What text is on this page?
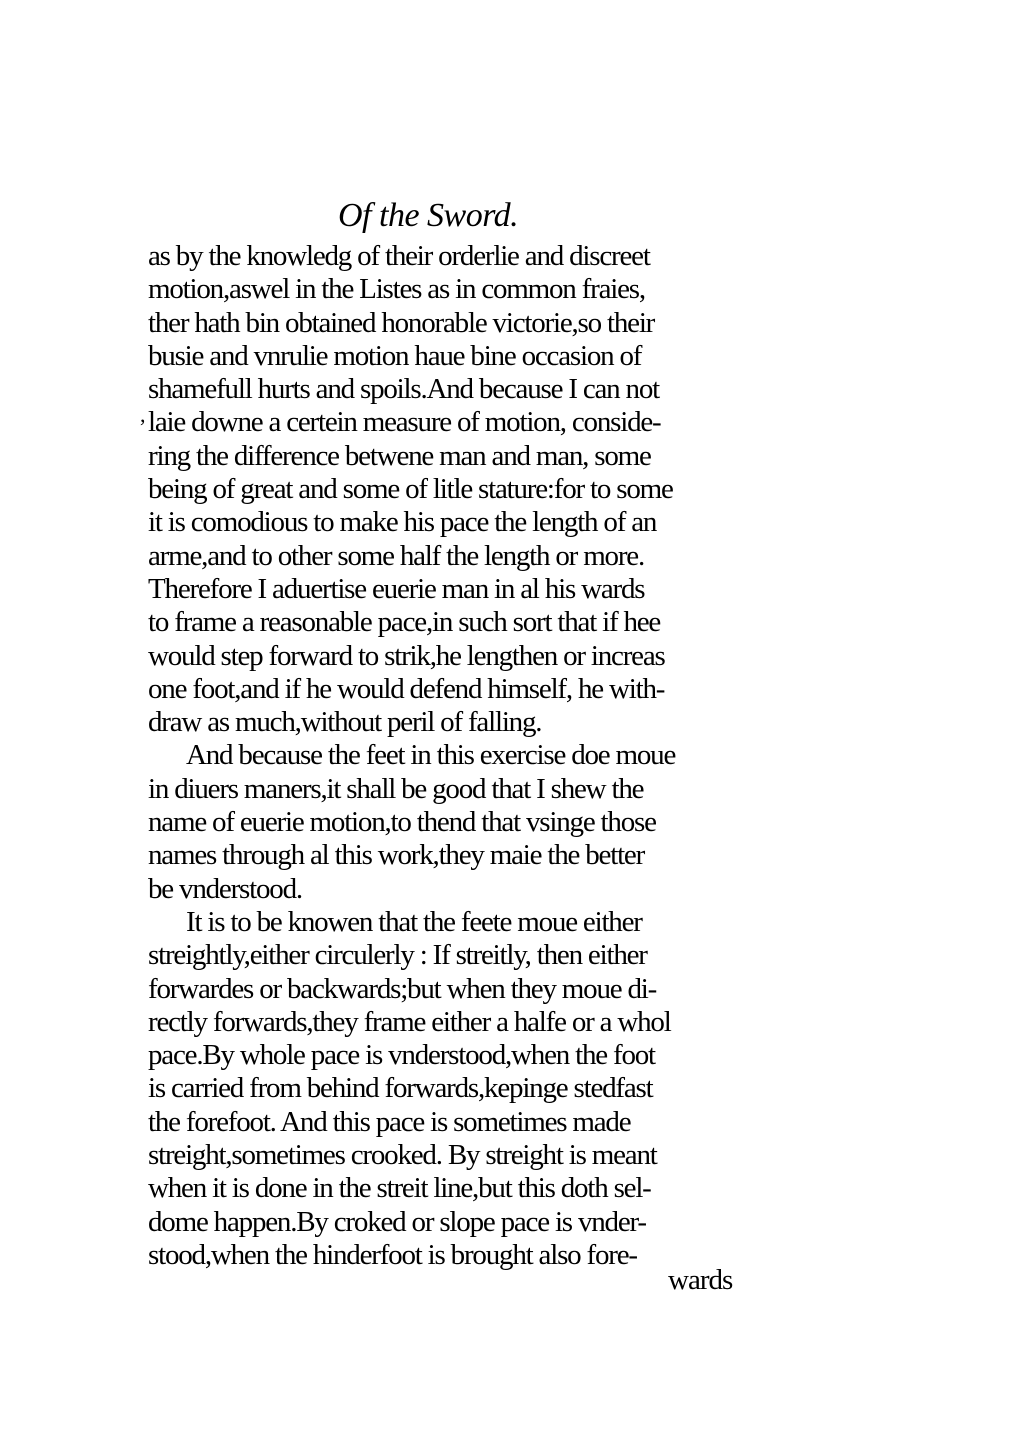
Of the Sword.
,
as by the knowledg of their orderlie and discreet
motion,aswel in the Listes as in common fraies,
ther hath bin obtained honorable victorie,so their
busie and vnrulie motion haue bine occasion of
shamefull hurts and spoils.And because I can not
laie downe a certein measure of motion, conside-
ring the difference betwene man and man, some
being of great and some of litle stature:for to some
it is comodious to make his pace the length of an
arme,and to other some half the length or more.
Therefore I aduertise euerie man in al his wards
to frame a reasonable pace,in such sort that if hee
would step forward to strik,he lengthen or increas
one foot,and if he would defend himself, he with-
draw as much,without peril of falling.
And because the feet in this exercise doe moue
in diuers maners,it shall be good that I shew the
name of euerie motion,to thend that vsinge those
names through al this work,they maie the better
be vnderstood.
It is to be knowen that the feete moue either
streightly,either circulerly : If streitly, then either
forwardes or backwards;but when they moue di-
rectly forwards,they frame either a halfe or a whol
pace.By whole pace is vnderstood,when the foot
is carried from behind forwards,kepinge stedfast
the forefoot. And this pace is sometimes made
streight,sometimes crooked. By streight is meant
when it is done in the streit line,but this doth sel-
dome happen.By croked or slope pace is vnder-
stood,when the hinderfoot is brought also fore-
wards
